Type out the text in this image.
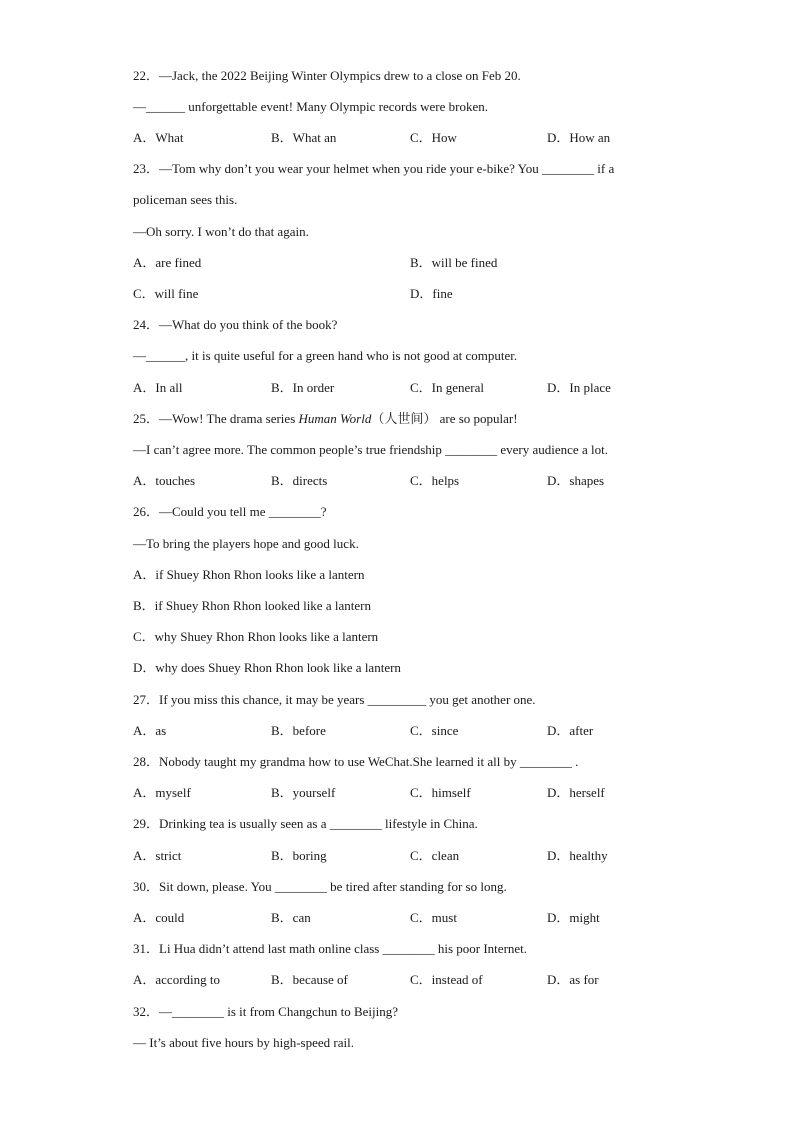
22．—Jack, the 2022 Beijing Winter Olympics drew to a close on Feb 20.
—______ unforgettable event! Many Olympic records were broken.
A．What	B．What an	C．How	D．How an
23．—Tom why don’t you wear your helmet when you ride your e-bike? You ________ if a
policeman sees this.
—Oh sorry. I won’t do that again.
A．are fined	B．will be fined
C．will fine	D．fine
24．—What do you think of the book?
—______, it is quite useful for a green hand who is not good at computer.
A．In all	B．In order	C．In general	D．In place
25．—Wow! The drama series Human World（人世间） are so popular!
—I can’t agree more. The common people’s true friendship ________ every audience a lot.
A．touches	B．directs	C．helps	D．shapes
26．—Could you tell me ________?
—To bring the players hope and good luck.
A．if Shuey Rhon Rhon looks like a lantern
B．if Shuey Rhon Rhon looked like a lantern
C．why Shuey Rhon Rhon looks like a lantern
D．why does Shuey Rhon Rhon look like a lantern
27．If you miss this chance, it may be years _________ you get another one.
A．as	B．before	C．since	D．after
28．Nobody taught my grandma how to use WeChat.She learned it all by ________ .
A．myself	B．yourself	C．himself	D．herself
29．Drinking tea is usually seen as a ________ lifestyle in China.
A．strict	B．boring	C．clean	D．healthy
30．Sit down, please. You ________ be tired after standing for so long.
A．could	B．can	C．must	D．might
31．Li Hua didn’t attend last math online class ________ his poor Internet.
A．according to	B．because of	C．instead of	D．as for
32．—________ is it from Changchun to Beijing?
— It’s about five hours by high-speed rail.
